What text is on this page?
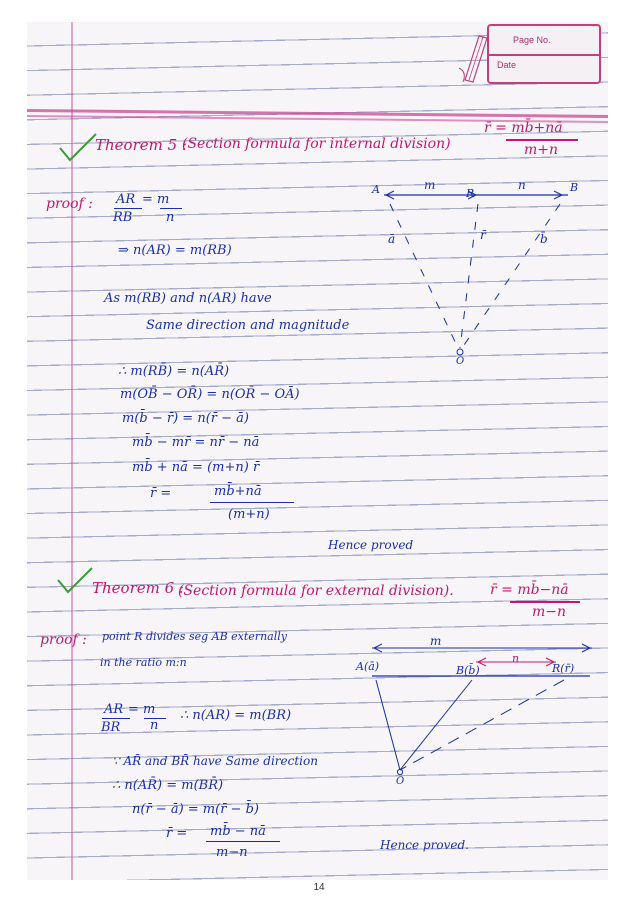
Page No.
Date
Theorem 5 :
(Section formula for internal division)
r̄ = mb̄+nā
m+n
proof : AR = m
RB	n
⇒ n(AR) = m(RB)
As m(RB) and n(AR) have
Same direction and magnitude
∴ m(RB̄) = n(AR̄)
m(OB̄ − OR̄) = n(OR̄ − OĀ)
m(b̄ − r̄) = n(r̄ − ā)
mb̄ − mr̄ = nr̄ − nā
mb̄ + nā = (m+n) r̄
r̄ =	mb̄+nā
(m+n)
Hence proved
A	R	B
m	n
ā	r̄	b̄
O
Theorem 6 :
(Section formula for external division).	r̄ = mb̄−nā
m−n
proof : point R divides seg AB externally
in the ratio m:n
AR = m
BR n
∴ n(AR) = m(BR)
∵ AR̄ and BR̄ have Same direction
∴ n(AR̄) = m(BR̄)
n(r̄ − ā) = m(r̄ − b̄)
r̄ = mb̄ − nā
m−n	Hence proved.
m
n
A(ā)	B(b̄)	R(r̄)
O
14
